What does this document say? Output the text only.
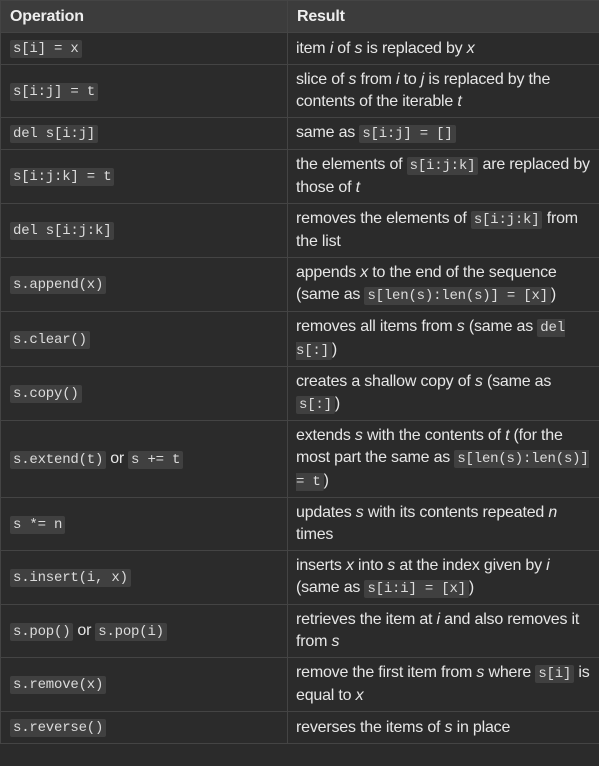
Operation	Result
s[i] = x	item i of s is replaced by x
s[i:j] = t	slice of s from i to j is replaced by the contents of the iterable t
del s[i:j]	same as s[i:j] = []
s[i:j:k] = t	the elements of s[i:j:k] are replaced by those of t
del s[i:j:k]	removes the elements of s[i:j:k] from the list
s.append(x)	appends x to the end of the sequence (same as s[len(s):len(s)] = [x] )
s.clear()	removes all items from s (same as del s[:] )
s.copy()	creates a shallow copy of s (same as s[:] )
s.extend(t) or s += t	extends s with the contents of t (for the most part the same as s[len(s):len(s)] = t )
s *= n	updates s with its contents repeated n times
s.insert(i, x)	inserts x into s at the index given by i (same as s[i:i] = [x] )
s.pop() or s.pop(i)	retrieves the item at i and also removes it from s
s.remove(x)	remove the first item from s where s[i] is equal to x
s.reverse()	reverses the items of s in place
